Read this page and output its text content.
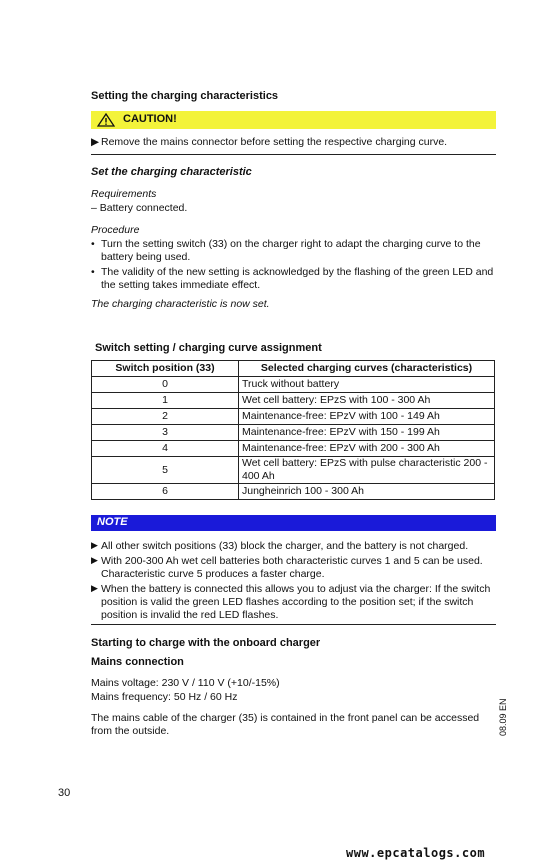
Setting the charging characteristics
CAUTION!
▶ Remove the mains connector before setting the respective charging curve.
Set the charging characteristic
Requirements
– Battery connected.
Procedure
• Turn the setting switch (33) on the charger right to adapt the charging curve to the battery being used.
• The validity of the new setting is acknowledged by the flashing of the green LED and the setting takes immediate effect.
The charging characteristic is now set.
Switch setting / charging curve assignment
Switch position (33)	Selected charging curves (characteristics)
0	Truck without battery
1	Wet cell battery: EPzS with 100 - 300 Ah
2	Maintenance-free: EPzV with 100 - 149 Ah
3	Maintenance-free: EPzV with 150 - 199 Ah
4	Maintenance-free: EPzV with 200 - 300 Ah
5	Wet cell battery: EPzS with pulse characteristic 200 - 400 Ah
6	Jungheinrich 100 - 300 Ah
NOTE
▶ All other switch positions (33) block the charger, and the battery is not charged.
▶ With 200-300 Ah wet cell batteries both characteristic curves 1 and 5 can be used. Characteristic curve 5 produces a faster charge.
▶ When the battery is connected this allows you to adjust via the charger: If the switch position is valid the green LED flashes according to the position set; if the switch position is invalid the red LED flashes.
Starting to charge with the onboard charger
Mains connection
Mains voltage: 230 V / 110 V (+10/-15%)
Mains frequency: 50 Hz / 60 Hz
The mains cable of the charger (35) is contained in the front panel can be accessed from the outside.	08.09 EN
30
www.epcatalogs.com
